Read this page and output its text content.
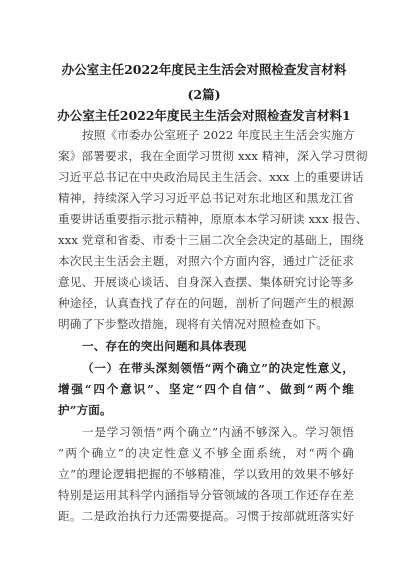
办公室主任2022年度民主生活会对照检查发言材料
(2篇)
办公室主任2022年度民主生活会对照检查发言材料1
按照《市委办公室班子 2022 年度民主生活会实施方
案》部署要求，我在全面学习贯彻 xxx 精神，深入学习贯彻
习近平总书记在中央政治局民主生活会、xxx 上的重要讲话
精神，持续深入学习习近平总书记对东北地区和黑龙江省
重要讲话重要指示批示精神，原原本本学习研读 xxx 报告、
xxx 党章和省委、市委十三届二次全会决定的基础上，围绕
本次民主生活会主题，对照六个方面内容，通过广泛征求
意见、开展谈心谈话、自身深入查摆、集体研究讨论等多
种途径，认真查找了存在的问题，剖析了问题产生的根源
明确了下步整改措施，现将有关情况对照检查如下。
一、存在的突出问题和具体表现
（一）在带头深刻领悟“两个确立”的决定性意义，
增强“四个意识”、坚定“四个自信”、做到“两个维
护”方面。
一是学习领悟“两个确立”内涵不够深入。学习领悟
“两个确立”的决定性意义不够全面系统，对“两个确
立”的理论逻辑把握的不够精准，学以致用的效果不够好
特别是运用其科学内涵指导分管领域的各项工作还存在差
距。二是政治执行力还需要提高。习惯于按部就班落实好
